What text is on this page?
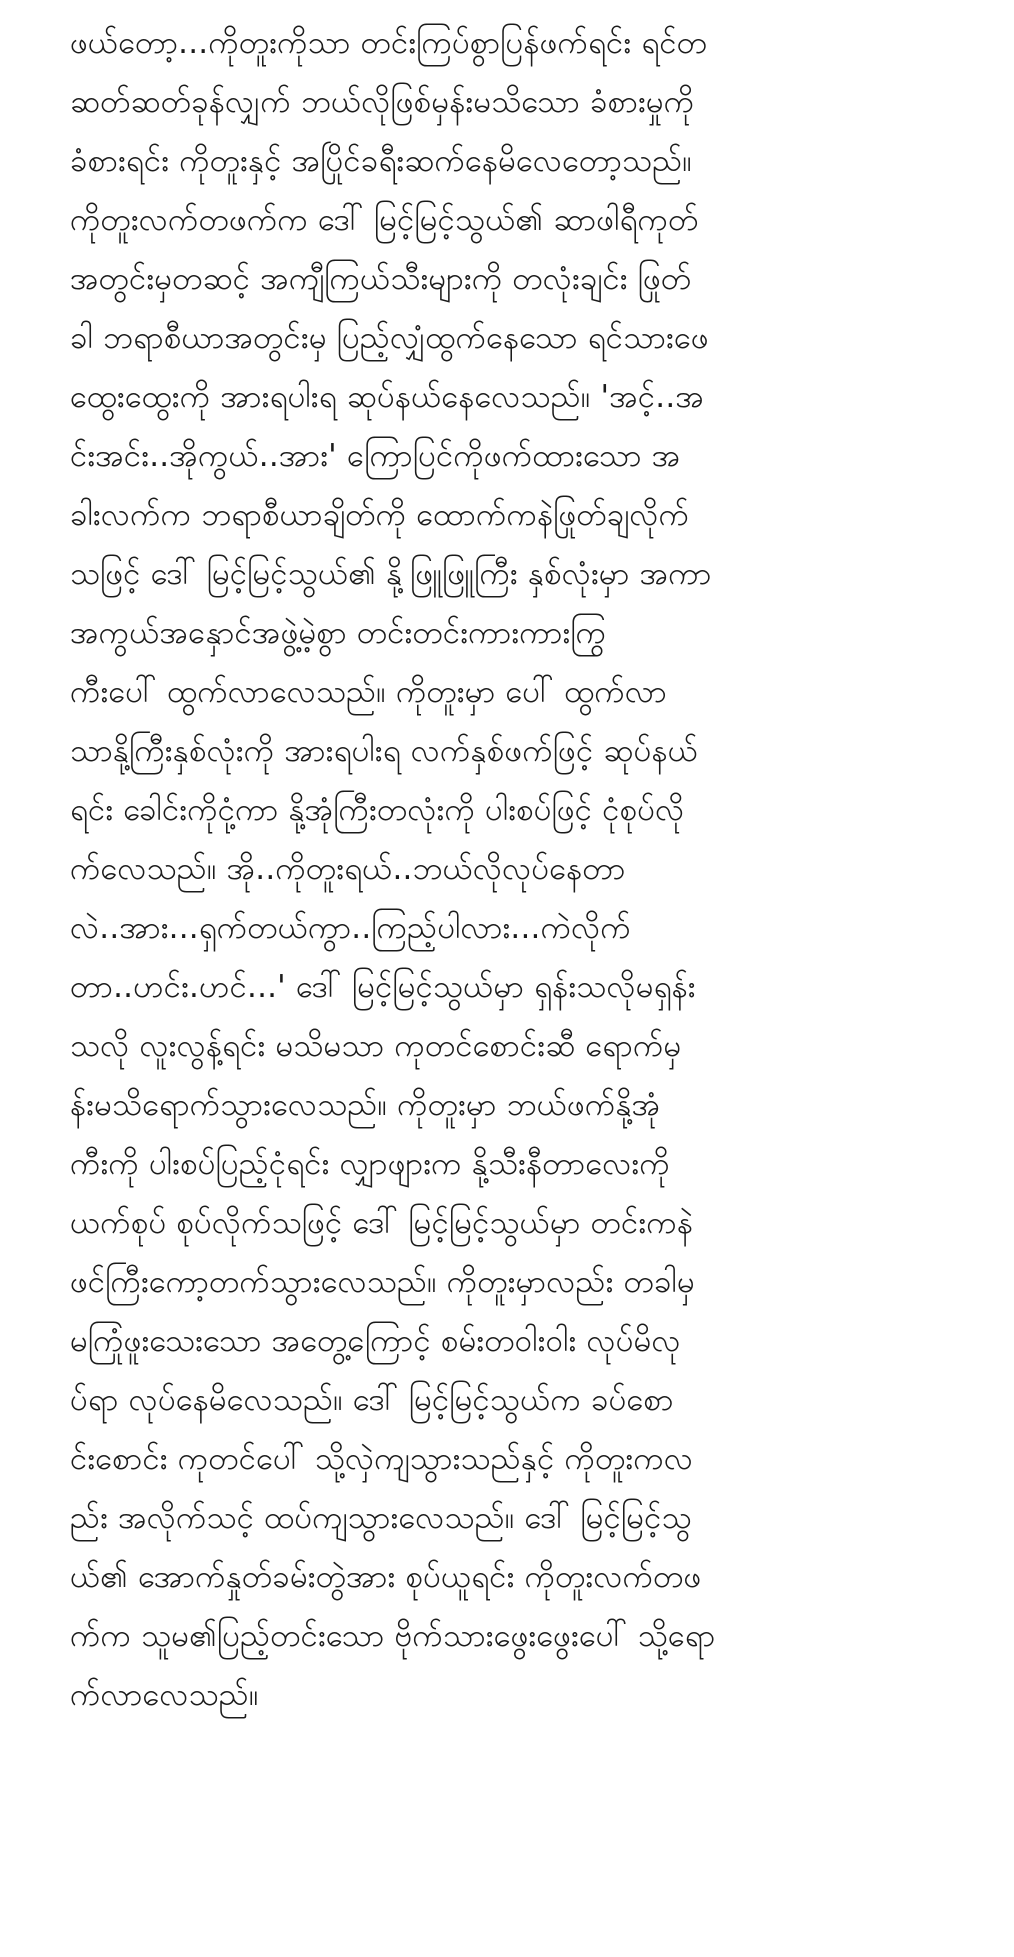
ဖယ်တော့...ကိုတူးကိုသာ တင်းကြပ်စွာပြန်ဖက်ရင်း ရင်တ
ဆတ်ဆတ်ခုန်လျှက် ဘယ်လိုဖြစ်မှန်းမသိသော ခံစားမှုကို
ခံစားရင်း ကိုတူးနှင့် အပြိုင်ခရီးဆက်နေမိလေတော့သည်။
ကိုတူးလက်တဖက်က ဒေါ် မြင့်မြင့်သွယ်၏ ဆာဖါရီကုတ်
အတွင်းမှတဆင့် အကျီကြယ်သီးများကို တလုံးချင်း ဖြုတ်
ခါ ဘရာစီယာအတွင်းမှ ပြည့်လျှံထွက်နေသော ရင်သားဖေ
ထွေးထွေးကို အားရပါးရ ဆုပ်နယ်နေလေသည်။ 'အင့်..အ
င်းအင်း..အိုကွယ်..အား' ကြောပြင်ကိုဖက်ထားသော အ
ခါးလက်က ဘရာစီယာချိတ်ကို ထောက်ကနဲဖြုတ်ချလိုက်
သဖြင့် ဒေါ် မြင့်မြင့်သွယ်၏ နို့ဖြူဖြူကြီး နှစ်လုံးမှာ အကာ
အကွယ်အနှောင်အဖွဲ့မဲ့စွာ တင်းတင်းကားကားကြွ
ကီးပေါ် ထွက်လာလေသည်။ ကိုတူးမှာ ပေါ် ထွက်လာ
သာနို့ကြီးနှစ်လုံးကို အားရပါးရ လက်နှစ်ဖက်ဖြင့် ဆုပ်နယ်
ရင်း ခေါင်းကိုငုံ့ကာ နို့အုံကြီးတလုံးကို ပါးစပ်ဖြင့် ငုံစုပ်လို
က်လေသည်။ အို..ကိုတူးရယ်..ဘယ်လိုလုပ်နေတာ
လဲ..အား...ရှက်တယ်ကွာ..ကြည့်ပါလား...ကဲလိုက်
တာ..ဟင်း.ဟင်...' ဒေါ် မြင့်မြင့်သွယ်မှာ ရှန်းသလိုမရှန်း
သလို လူးလွန့်ရင်း မသိမသာ ကုတင်စောင်းဆီ ရောက်မှ
န်းမသိရောက်သွားလေသည်။ ကိုတူးမှာ ဘယ်ဖက်နို့အုံ
ကီးကို ပါးစပ်ပြည့်ငုံရင်း လျှာဖျားက နို့သီးနီတာလေးကို
ယက်စုပ် စုပ်လိုက်သဖြင့် ဒေါ် မြင့်မြင့်သွယ်မှာ တင်းကနဲ
ဖင်ကြီးကော့တက်သွားလေသည်။ ကိုတူးမှာလည်း တခါမှ
မကြုံဖူးသေးသော အတွေ့ကြောင့် စမ်းတဝါးဝါး လုပ်မိလု
ပ်ရာ လုပ်နေမိလေသည်။ ဒေါ် မြင့်မြင့်သွယ်က ခပ်စော
င်းစောင်း ကုတင်ပေါ် သို့လှဲကျသွားသည်နှင့် ကိုတူးကလ
ည်း အလိုက်သင့် ထပ်ကျသွားလေသည်။ ဒေါ် မြင့်မြင့်သွ
ယ်၏ အောက်နှုတ်ခမ်းတွဲအား စုပ်ယူရင်း ကိုတူးလက်တဖ
က်က သူမ၏ပြည့်တင်းသော ဗိုက်သားဖွေးဖွေးပေါ် သို့ရော
က်လာလေသည်။
